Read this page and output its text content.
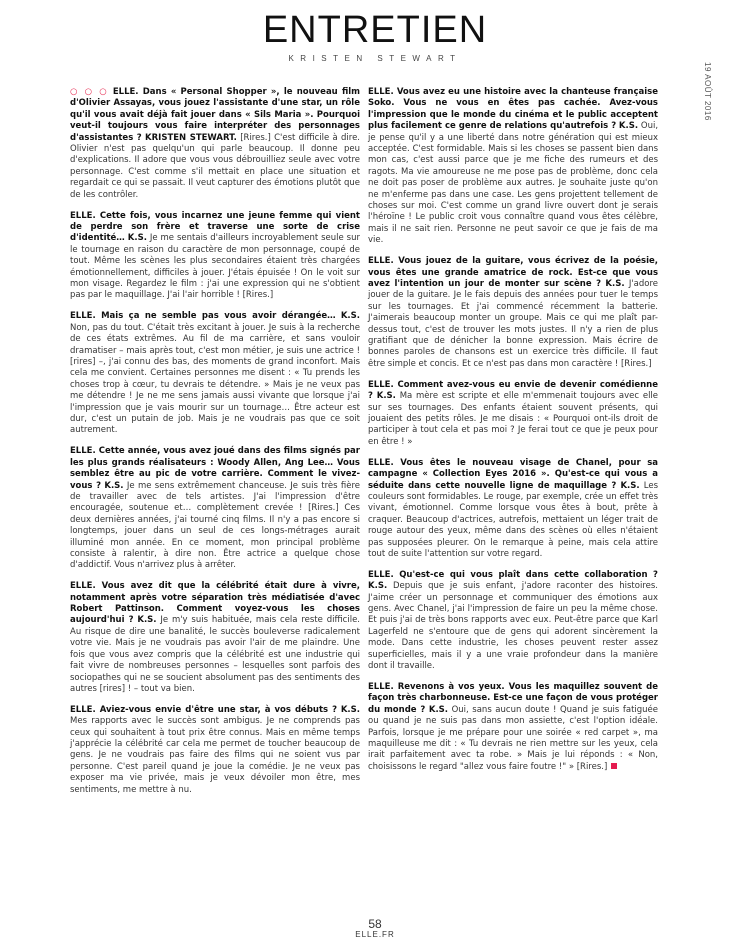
ENTRETIEN
KRISTEN STEWART
19 AOÛT 2016
○ ○ ○ ELLE. Dans « Personal Shopper », le nouveau film d'Olivier Assayas, vous jouez l'assistante d'une star, un rôle qu'il vous avait déjà fait jouer dans « Sils Maria ». Pourquoi veut-il toujours vous faire interpréter des personnages d'assistantes ? KRISTEN STEWART. [Rires.] C'est difficile à dire. Olivier n'est pas quelqu'un qui parle beaucoup. Il donne peu d'explications. Il adore que vous vous débrouilliez seule avec votre personnage. C'est comme s'il mettait en place une situation et regardait ce qui se passait. Il veut capturer des émotions plutôt que de les contrôler.
ELLE. Cette fois, vous incarnez une jeune femme qui vient de perdre son frère et traverse une sorte de crise d'identité… K.S. Je me sentais d'ailleurs incroyablement seule sur le tournage en raison du caractère de mon personnage, coupé de tout. Même les scènes les plus secondaires étaient très chargées émotionnellement, difficiles à jouer. J'étais épuisée ! On le voit sur mon visage. Regardez le film : j'ai une expression qui ne s'obtient pas par le maquillage. J'ai l'air horrible ! [Rires.]
ELLE. Mais ça ne semble pas vous avoir dérangée… K.S. Non, pas du tout. C'était très excitant à jouer. Je suis à la recherche de ces états extrêmes. Au fil de ma carrière, et sans vouloir dramatiser – mais après tout, c'est mon métier, je suis une actrice ! [rires] –, j'ai connu des bas, des moments de grand inconfort. Mais cela me convient. Certaines personnes me disent : « Tu prends les choses trop à cœur, tu devrais te détendre. » Mais je ne veux pas me détendre ! Je ne me sens jamais aussi vivante que lorsque j'ai l'impression que je vais mourir sur un tournage… Être acteur est dur, c'est un putain de job. Mais je ne voudrais pas que ce soit autrement.
ELLE. Cette année, vous avez joué dans des films signés par les plus grands réalisateurs : Woody Allen, Ang Lee… Vous semblez être au pic de votre carrière. Comment le vivez-vous ? K.S. Je me sens extrêmement chanceuse. Je suis très fière de travailler avec de tels artistes. J'ai l'impression d'être encouragée, soutenue et… complètement crevée ! [Rires.] Ces deux dernières années, j'ai tourné cinq films. Il n'y a pas encore si longtemps, jouer dans un seul de ces longs-métrages aurait illuminé mon année. En ce moment, mon principal problème consiste à ralentir, à dire non. Être actrice a quelque chose d'addictif. Vous n'arrivez plus à arrêter.
ELLE. Vous avez dit que la célébrité était dure à vivre, notamment après votre séparation très médiatisée d'avec Robert Pattinson. Comment voyez-vous les choses aujourd'hui ? K.S. Je m'y suis habituée, mais cela reste difficile. Au risque de dire une banalité, le succès bouleverse radicalement votre vie. Mais je ne voudrais pas avoir l'air de me plaindre. Une fois que vous avez compris que la célébrité est une industrie qui fait vivre de nombreuses personnes – lesquelles sont parfois des sociopathes qui ne se soucient absolument pas des sentiments des autres [rires] ! – tout va bien.
ELLE. Aviez-vous envie d'être une star, à vos débuts ? K.S. Mes rapports avec le succès sont ambigus. Je ne comprends pas ceux qui souhaitent à tout prix être connus. Mais en même temps j'apprécie la célébrité car cela me permet de toucher beaucoup de gens. Je ne voudrais pas faire des films qui ne soient vus par personne. C'est pareil quand je joue la comédie. Je ne veux pas exposer ma vie privée, mais je veux dévoiler mon être, mes sentiments, me mettre à nu.
ELLE. Vous avez eu une histoire avec la chanteuse française Soko. Vous ne vous en êtes pas cachée. Avez-vous l'impression que le monde du cinéma et le public acceptent plus facilement ce genre de relations qu'autrefois ? K.S. Oui, je pense qu'il y a une liberté dans notre génération qui est mieux acceptée. C'est formidable. Mais si les choses se passent bien dans mon cas, c'est aussi parce que je me fiche des rumeurs et des ragots. Ma vie amoureuse ne me pose pas de problème, donc cela ne doit pas poser de problème aux autres. Je souhaite juste qu'on ne m'enferme pas dans une case. Les gens projettent tellement de choses sur moi. C'est comme un grand livre ouvert dont je serais l'héroïne ! Le public croit vous connaître quand vous êtes célèbre, mais il ne sait rien. Personne ne peut savoir ce que je fais de ma vie.
ELLE. Vous jouez de la guitare, vous écrivez de la poésie, vous êtes une grande amatrice de rock. Est-ce que vous avez l'intention un jour de monter sur scène ? K.S. J'adore jouer de la guitare. Je le fais depuis des années pour tuer le temps sur les tournages. Et j'ai commencé récemment la batterie. J'aimerais beaucoup monter un groupe. Mais ce qui me plaît par-dessus tout, c'est de trouver les mots justes. Il n'y a rien de plus gratifiant que de dénicher la bonne expression. Mais écrire de bonnes paroles de chansons est un exercice très difficile. Il faut être simple et concis. Et ce n'est pas dans mon caractère ! [Rires.]
ELLE. Comment avez-vous eu envie de devenir comédienne ? K.S. Ma mère est scripte et elle m'emmenait toujours avec elle sur ses tournages. Des enfants étaient souvent présents, qui jouaient des petits rôles. Je me disais : « Pourquoi ont-ils droit de participer à tout cela et pas moi ? Je ferai tout ce que je peux pour en être ! »
ELLE. Vous êtes le nouveau visage de Chanel, pour sa campagne « Collection Eyes 2016 ». Qu'est-ce qui vous a séduite dans cette nouvelle ligne de maquillage ? K.S. Les couleurs sont formidables. Le rouge, par exemple, crée un effet très vivant, émotionnel. Comme lorsque vous êtes à bout, prête à craquer. Beaucoup d'actrices, autrefois, mettaient un léger trait de rouge autour des yeux, même dans des scènes où elles n'étaient pas supposées pleurer. On le remarque à peine, mais cela attire tout de suite l'attention sur votre regard.
ELLE. Qu'est-ce qui vous plaît dans cette collaboration ? K.S. Depuis que je suis enfant, j'adore raconter des histoires. J'aime créer un personnage et communiquer des émotions aux gens. Avec Chanel, j'ai l'impression de faire un peu la même chose. Et puis j'ai de très bons rapports avec eux. Peut-être parce que Karl Lagerfeld ne s'entoure que de gens qui adorent sincèrement la mode. Dans cette industrie, les choses peuvent rester assez superficielles, mais il y a une vraie profondeur dans la manière dont il travaille.
ELLE. Revenons à vos yeux. Vous les maquillez souvent de façon très charbonneuse. Est-ce une façon de vous protéger du monde ? K.S. Oui, sans aucun doute ! Quand je suis fatiguée ou quand je ne suis pas dans mon assiette, c'est l'option idéale. Parfois, lorsque je me prépare pour une soirée « red carpet », ma maquilleuse me dit : « Tu devrais ne rien mettre sur les yeux, cela irait parfaitement avec ta robe. » Mais je lui réponds : « Non, choisissons le regard "allez vous faire foutre !" » [Rires.]
58
ELLE.FR
